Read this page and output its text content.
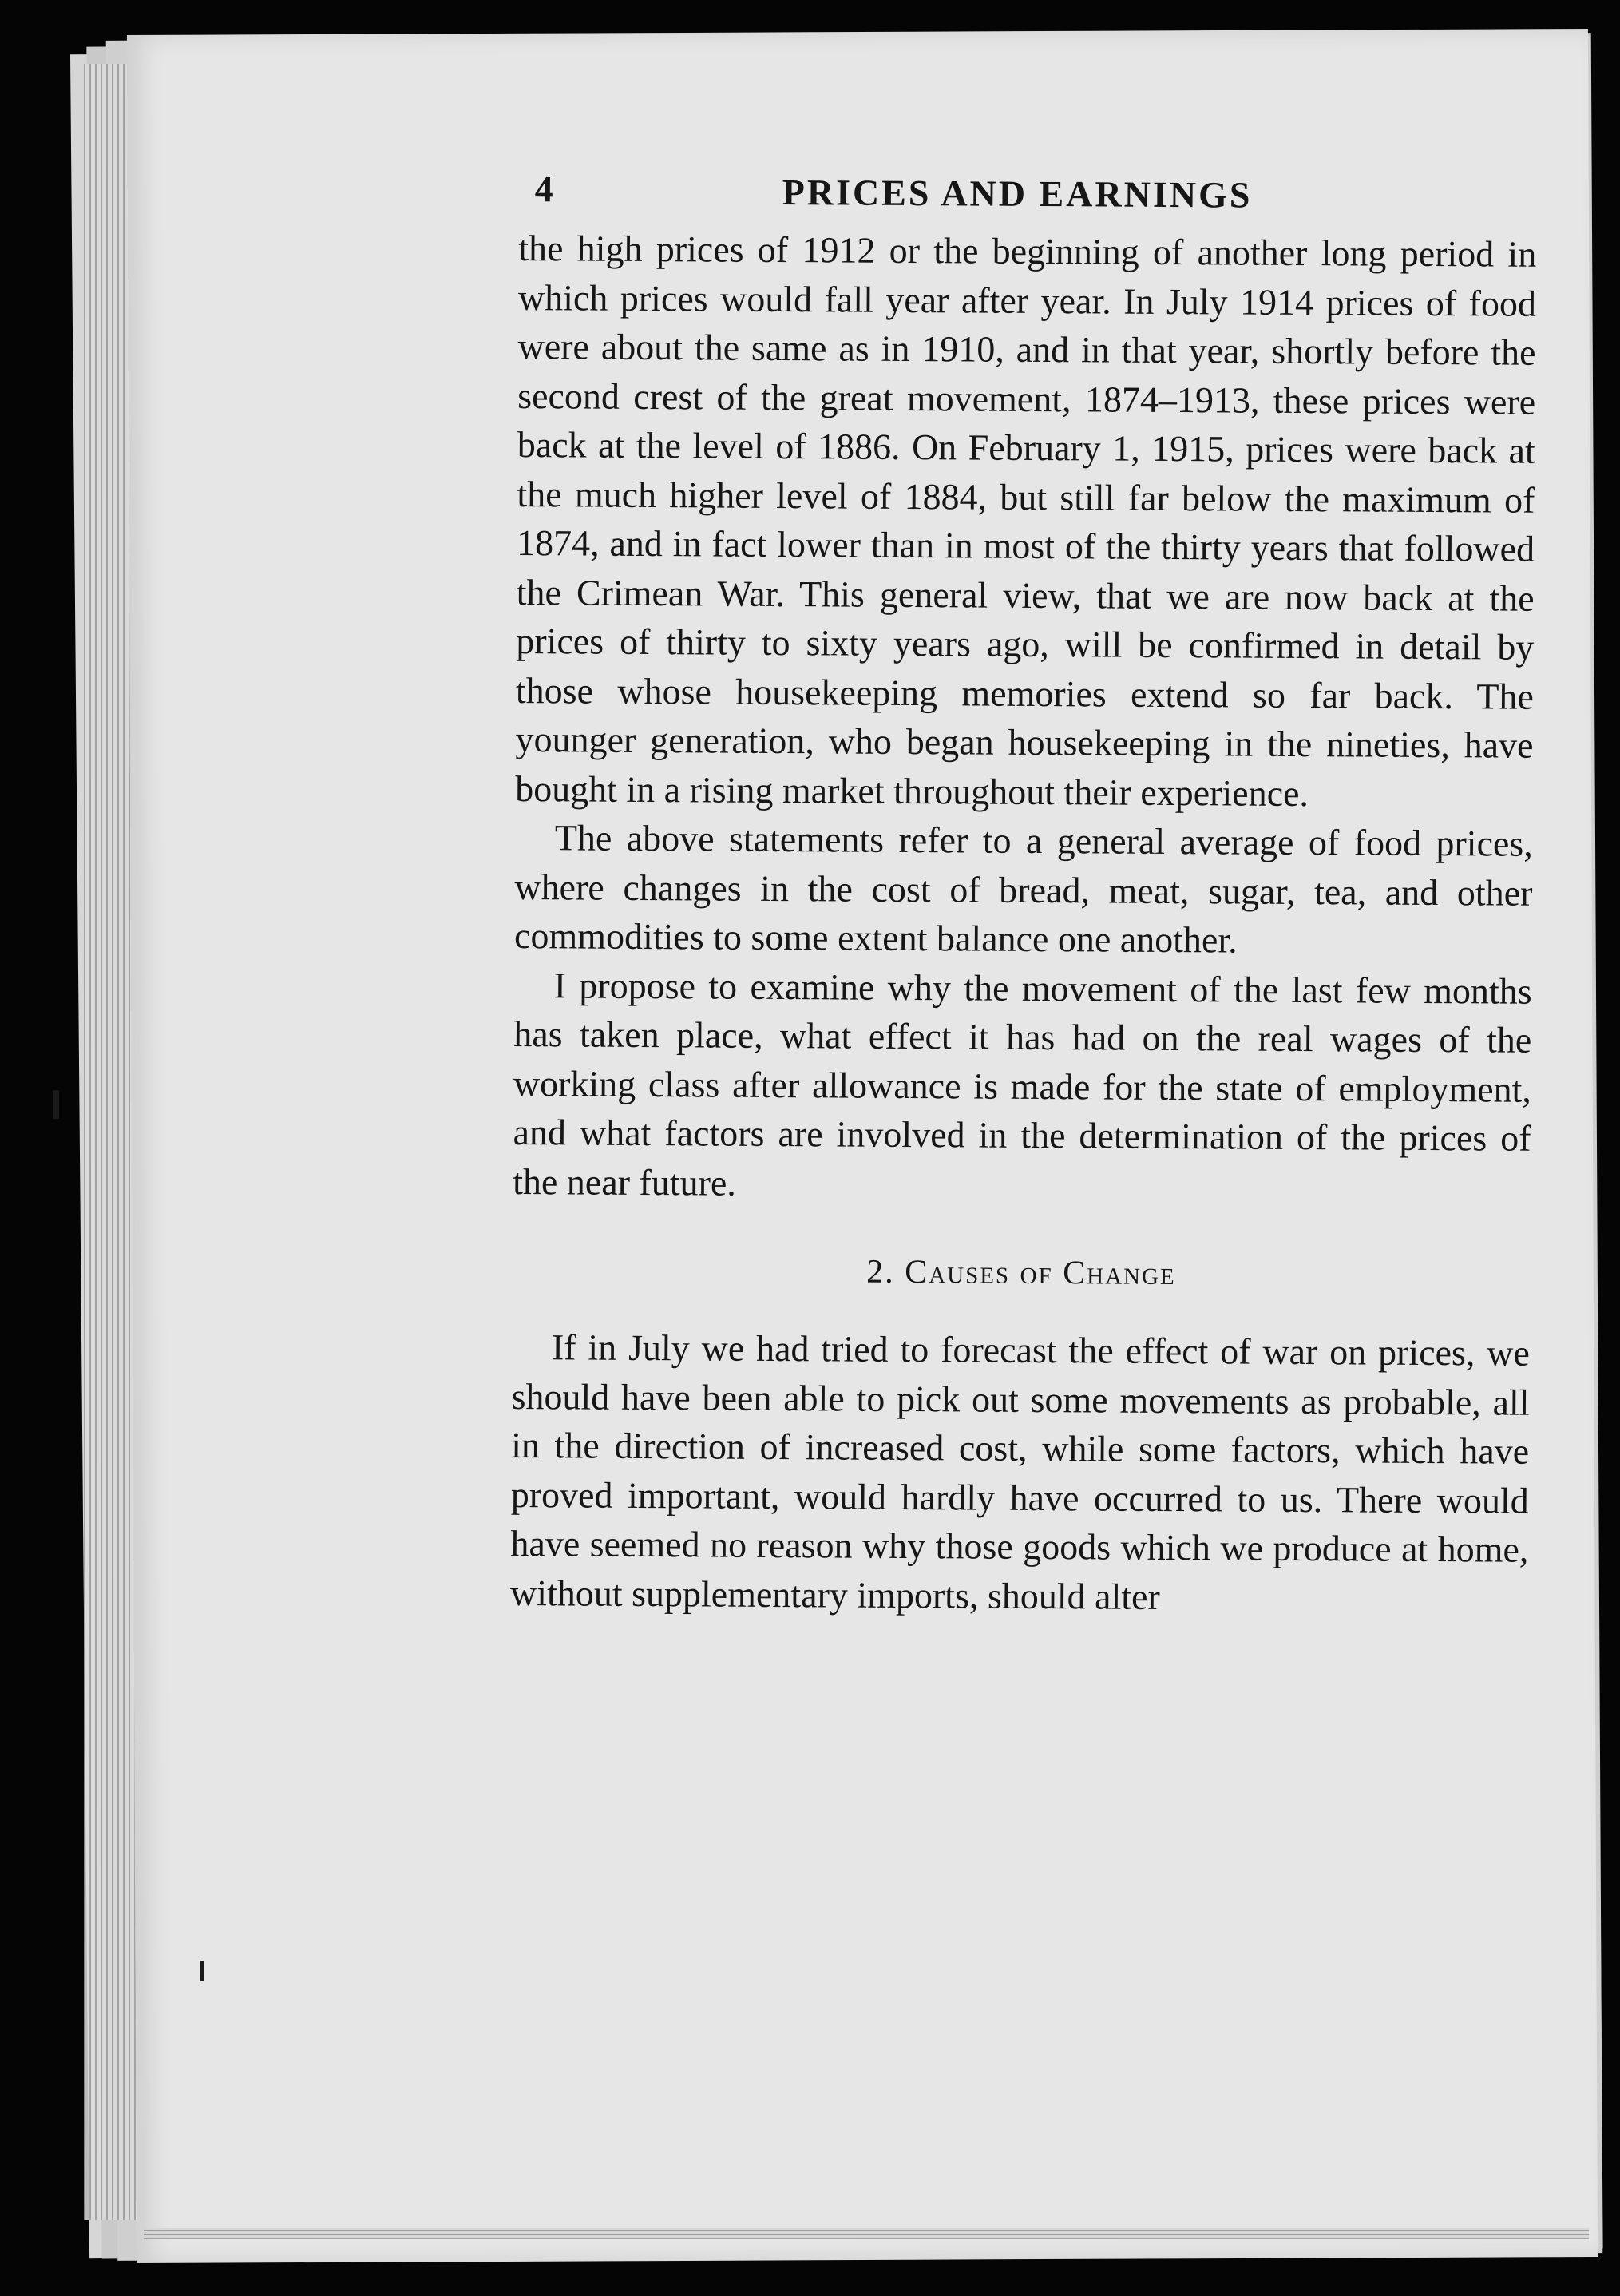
4	PRICES AND EARNINGS

the high prices of 1912 or the beginning of another long period in which prices would fall year after year. In July 1914 prices of food were about the same as in 1910, and in that year, shortly before the second crest of the great movement, 1874–1913, these prices were back at the level of 1886. On February 1, 1915, prices were back at the much higher level of 1884, but still far below the maximum of 1874, and in fact lower than in most of the thirty years that followed the Crimean War. This general view, that we are now back at the prices of thirty to sixty years ago, will be confirmed in detail by those whose housekeeping memories extend so far back. The younger generation, who began housekeeping in the nineties, have bought in a rising market throughout their experience.

The above statements refer to a general average of food prices, where changes in the cost of bread, meat, sugar, tea, and other commodities to some extent balance one another.

I propose to examine why the movement of the last few months has taken place, what effect it has had on the real wages of the working class after allowance is made for the state of employment, and what factors are involved in the determination of the prices of the near future.

2. Causes of Change

If in July we had tried to forecast the effect of war on prices, we should have been able to pick out some movements as probable, all in the direction of increased cost, while some factors, which have proved important, would hardly have occurred to us. There would have seemed no reason why those goods which we produce at home, without supplementary imports, should alter
